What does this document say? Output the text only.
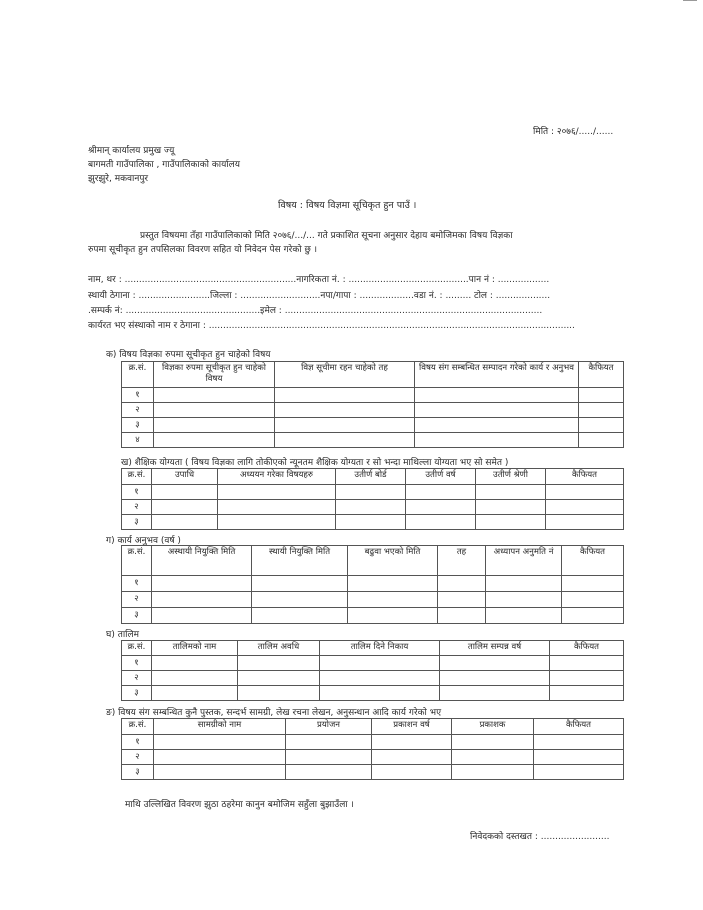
मिति : २०७६/...../......
श्रीमान् कार्यालय प्रमुख ज्यू
बागमती गाउँपालिका , गाउँपालिकाको कार्यालय
झुरझुरे, मकवानपुर
विषय : विषय विज्ञमा सूचिकृत हुन पाउँ ।
प्रस्तुत विषयमा तँहा गाउँपालिकाको मिति २०७६/.../... गते प्रकाशित सूचना अनुसार देहाय बमोजिमका विषय विज्ञका
रुपमा सूचीकृत हुन तपसिलका विवरण सहित यो निवेदन पेस गरेको छु ।
नाम, थर : ............................................................नागरिकता नं. : ..........................................पान नं : ..................
स्थायी ठेगाना : .........................जिल्ला : ............................नपा/गापा : ...................वडा नं. : ......... टोल : ...................
.सम्पर्क नं: ...............................................इमेल : ..........................................................................................
कार्यरत भए संस्थाको नाम र ठेगाना : ................................................................................................................................
क) विषय विज्ञका रुपमा सूचीकृत हुन चाहेको विषय
क्र.सं.	विज्ञका रुपमा सूचीकृत हुन चाहेको विषय	विज्ञ सूचीमा रहन चाहेको तह	विषय संग सम्बन्धित सम्पादन गरेको कार्य र अनुभव	कैफियत
१				
२				
३				
४				
ख) शैक्षिक योग्यता ( विषय विज्ञका लागि तोकीएको न्यूनतम शैक्षिक योग्यता र सो भन्दा माथिल्ला योग्यता भए सो समेत )
क्र.सं.	उपाधि	अध्ययन गरेका विषयहरु	उतीर्ण बोर्ड	उतीर्ण वर्ष	उतीर्ण श्रेणी	कैफियत
१						
२						
३						
ग) कार्य अनुभव (वर्ष )
क्र.सं.	अस्थायी नियुक्ति मिति	स्थायी नियुक्ति मिति	बढुवा भएको मिति	तह	अध्यापन अनुमति नं	कैफियत
१						
२						
३						
घ) तालिम
क्र.सं.	तालिमको नाम	तालिम अवधि	तालिम दिने निकाय	तालिम सम्पन्न वर्ष	कैफियत
१					
२					
३					
ङ) विषय संग सम्बन्धित कुनै पुस्तक, सन्दर्भ सामग्री, लेख रचना लेखन, अनुसन्धान आदि कार्य गरेको भए
क्र.सं.	सामग्रीको नाम	प्रयोजन	प्रकाशन वर्ष	प्रकाशक	कैफियत
१					
२					
३					
माथि उल्लिखित विवरण झुठा ठहरेमा कानुन बमोजिम सहुँला बुझाउँला ।
निवेदकको दस्तखत : ........................
